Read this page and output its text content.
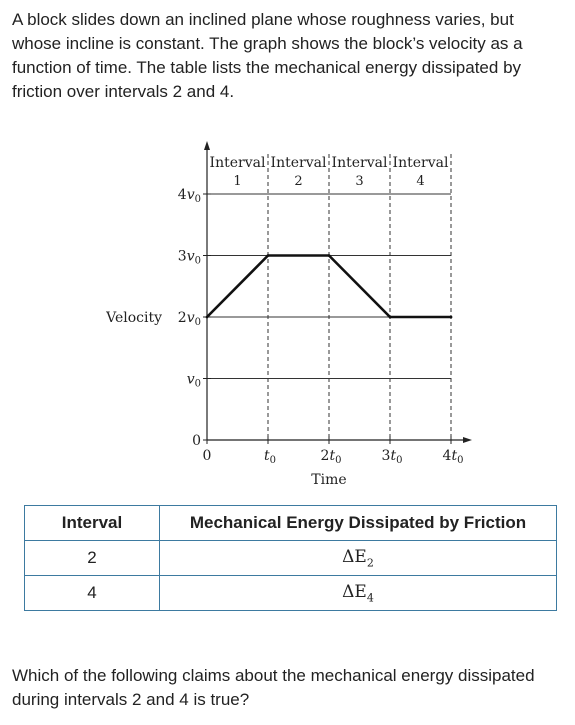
A block slides down an inclined plane whose roughness varies, but whose incline is constant. The graph shows the block’s velocity as a function of time. The table lists the mechanical energy dissipated by friction over intervals 2 and 4.
0
$v_0$
$2v_0$
$3v_0$
$4v_0$
0	$t_0$	$2t_0$	$3t_0$	$4t_0$
Interval
1
Interval
2
Interval
3
Interval
4
Velocity
Time
Interval	Mechanical Energy Dissipated by Friction
2	$\Delta E_2$
4	$\Delta E_4$
Which of the following claims about the mechanical energy dissipated during intervals 2 and 4 is true?
